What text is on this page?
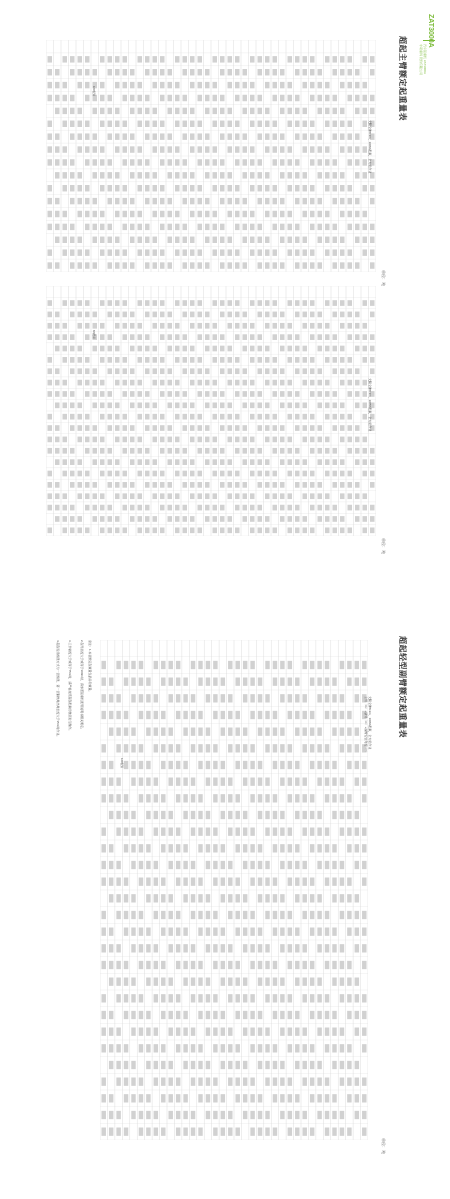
ZAT3000A
汽车起重机 ZAT3000A
中联重科 股份有限公司
超起主臂额定起重量表
单位：吨
单位：吨
支腿全伸8.3m，100%配重，全方位作业
100t配重
支腿全伸8.3m，100%配重，全方位作业
60t配重
超起轻型副臂额定起重量表
单位：吨
支腿全伸8.3m，100%配重，全方位作业
主臂（m）+副臂（m）+副臂安装角度（°）
120t配重
备注：1.本表额定起重量包括吊钩重量。
2.起升高度大于或等于100m时，请参照起重机使用说明书相关规定。
3.工作幅度大于或等于75m时，请严格按照超起配重的数值进行操作。
4.超起卷扬缠绕方式为一层缠绕，第一层钢丝绳出绳长度大于15m时作业。
